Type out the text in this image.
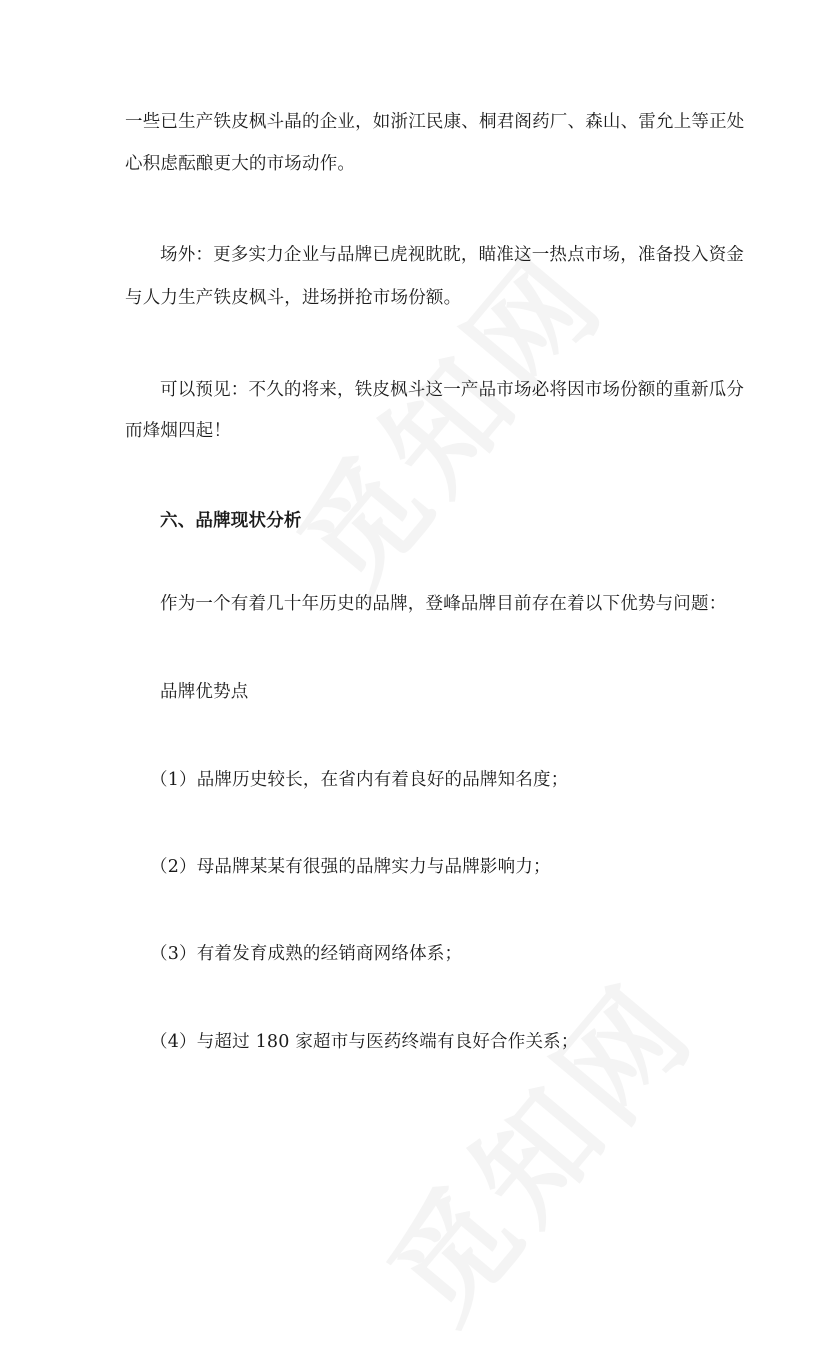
一些已生产铁皮枫斗晶的企业，如浙江民康、桐君阁药厂、森山、雷允上等正处
心积虑酝酿更大的市场动作。
场外：更多实力企业与品牌已虎视眈眈，瞄准这一热点市场，准备投入资金
与人力生产铁皮枫斗，进场拼抢市场份额。
可以预见：不久的将来，铁皮枫斗这一产品市场必将因市场份额的重新瓜分
而烽烟四起！
六、品牌现状分析
作为一个有着几十年历史的品牌，登峰品牌目前存在着以下优势与问题：
品牌优势点
（1）品牌历史较长，在省内有着良好的品牌知名度；
（2）母品牌某某有很强的品牌实力与品牌影响力；
（3）有着发育成熟的经销商网络体系；
（4）与超过 180 家超市与医药终端有良好合作关系；
